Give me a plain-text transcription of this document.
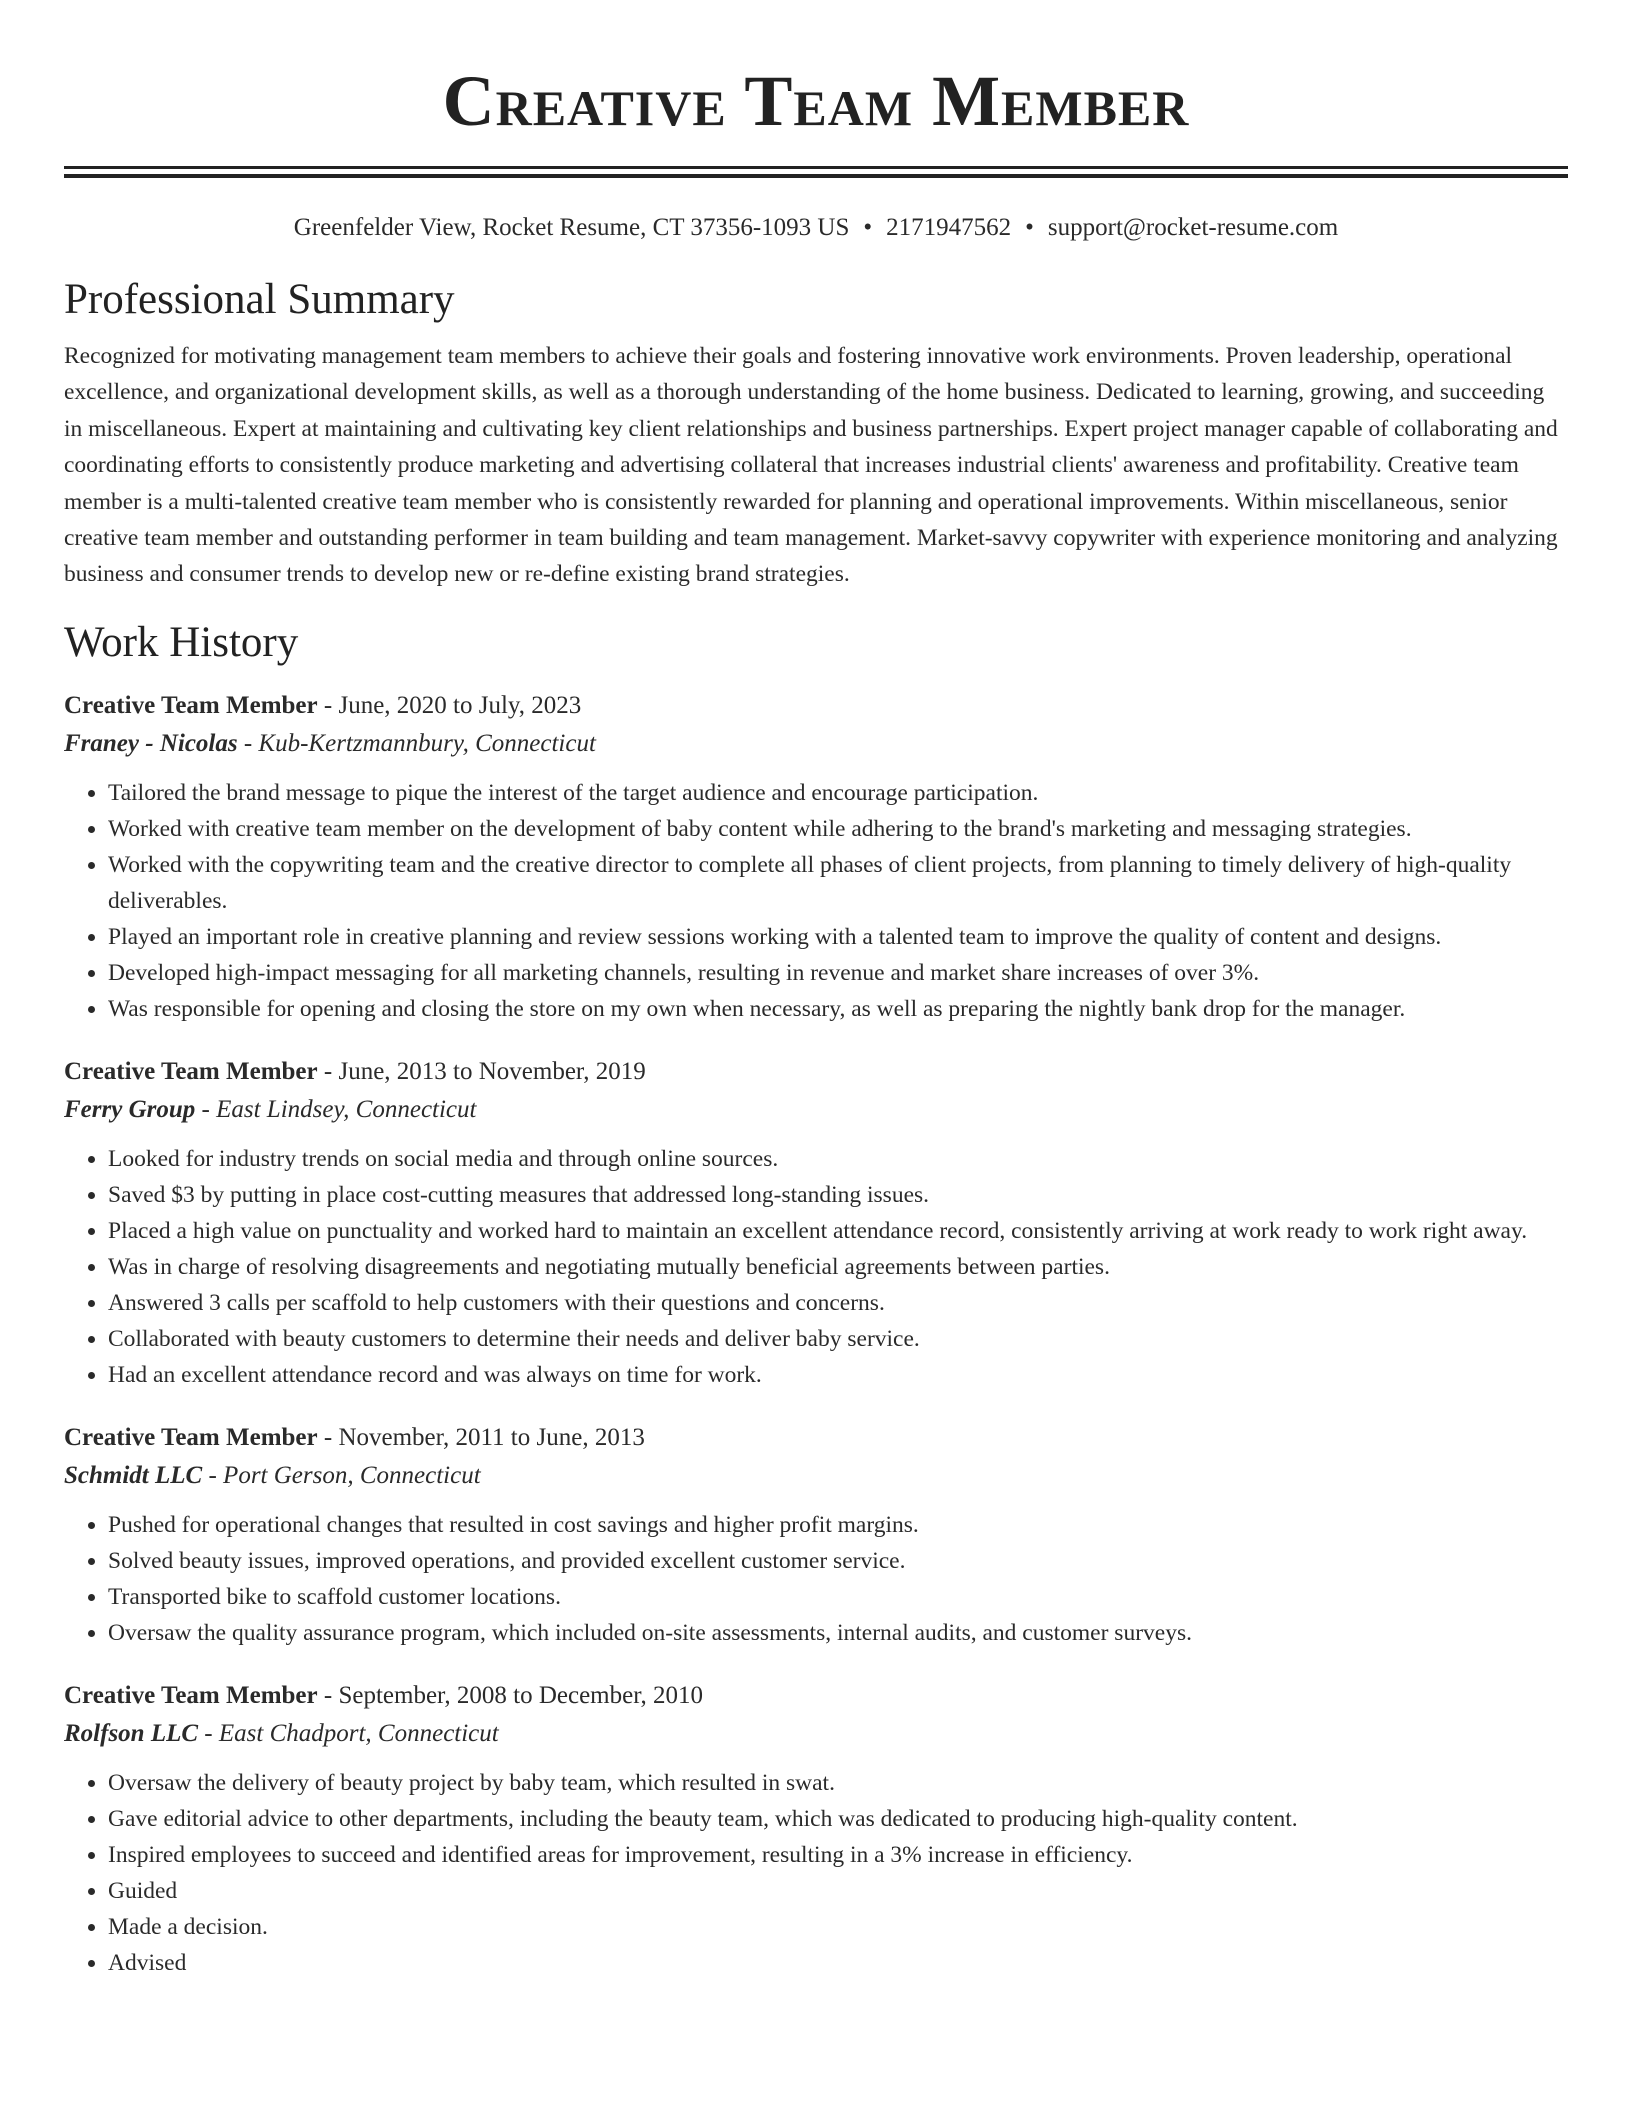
Creative Team Member
Greenfelder View, Rocket Resume, CT 37356-1093 US • 2171947562 • support@rocket-resume.com
Professional Summary

Recognized for motivating management team members to achieve their goals and fostering innovative work environments. Proven leadership, operational excellence, and organizational development skills, as well as a thorough understanding of the home business. Dedicated to learning, growing, and succeeding in miscellaneous. Expert at maintaining and cultivating key client relationships and business partnerships. Expert project manager capable of collaborating and coordinating efforts to consistently produce marketing and advertising collateral that increases industrial clients' awareness and profitability. Creative team member is a multi-talented creative team member who is consistently rewarded for planning and operational improvements. Within miscellaneous, senior creative team member and outstanding performer in team building and team management. Market-savvy copywriter with experience monitoring and analyzing business and consumer trends to develop new or re-define existing brand strategies.

Work History
Creative Team Member - June, 2020 to July, 2023
Franey - Nicolas - Kub-Kertzmannbury, Connecticut
• Tailored the brand message to pique the interest of the target audience and encourage participation.
• Worked with creative team member on the development of baby content while adhering to the brand's marketing and messaging strategies.
• Worked with the copywriting team and the creative director to complete all phases of client projects, from planning to timely delivery of high-quality deliverables.
• Played an important role in creative planning and review sessions working with a talented team to improve the quality of content and designs.
• Developed high-impact messaging for all marketing channels, resulting in revenue and market share increases of over 3%.
• Was responsible for opening and closing the store on my own when necessary, as well as preparing the nightly bank drop for the manager.
Creative Team Member - June, 2013 to November, 2019
Ferry Group - East Lindsey, Connecticut
• Looked for industry trends on social media and through online sources.
• Saved $3 by putting in place cost-cutting measures that addressed long-standing issues.
• Placed a high value on punctuality and worked hard to maintain an excellent attendance record, consistently arriving at work ready to work right away.
• Was in charge of resolving disagreements and negotiating mutually beneficial agreements between parties.
• Answered 3 calls per scaffold to help customers with their questions and concerns.
• Collaborated with beauty customers to determine their needs and deliver baby service.
• Had an excellent attendance record and was always on time for work.
Creative Team Member - November, 2011 to June, 2013
Schmidt LLC - Port Gerson, Connecticut
• Pushed for operational changes that resulted in cost savings and higher profit margins.
• Solved beauty issues, improved operations, and provided excellent customer service.
• Transported bike to scaffold customer locations.
• Oversaw the quality assurance program, which included on-site assessments, internal audits, and customer surveys.
Creative Team Member - September, 2008 to December, 2010
Rolfson LLC - East Chadport, Connecticut
• Oversaw the delivery of beauty project by baby team, which resulted in swat.
• Gave editorial advice to other departments, including the beauty team, which was dedicated to producing high-quality content.
• Inspired employees to succeed and identified areas for improvement, resulting in a 3% increase in efficiency.
• Guided
• Made a decision.
• Advised
